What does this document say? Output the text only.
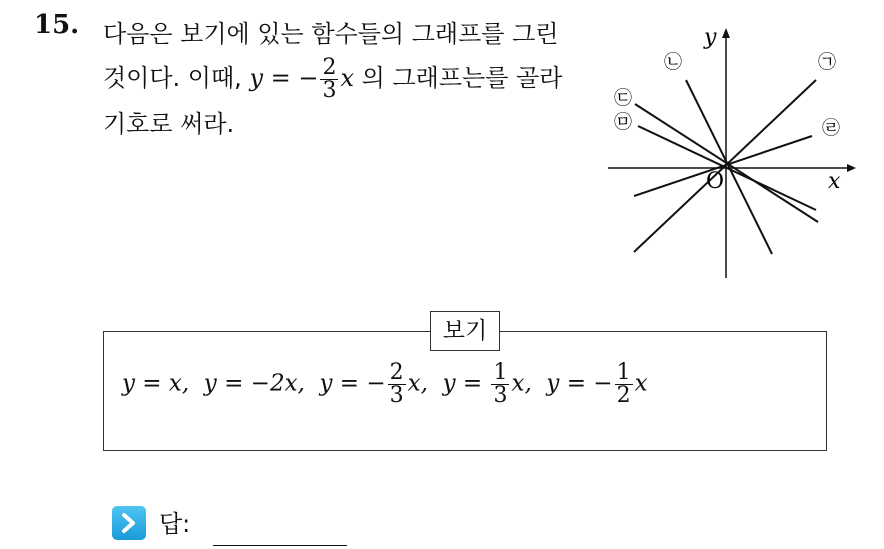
15. 다음은 보기에 있는 함수들의 그래프를 그린
것이다. 이때, y = − $\frac{2}{3}$ x 의 그래프는를 골라
기호로 써라.
x
y
O
㉠
㉡
㉢
㉣
㉤
보기
y = x, y = −2x, y = − $\frac{2}{3} x$, $y = \frac{1}{3} x$, y = − $\frac{1}{2}$ x
답:
